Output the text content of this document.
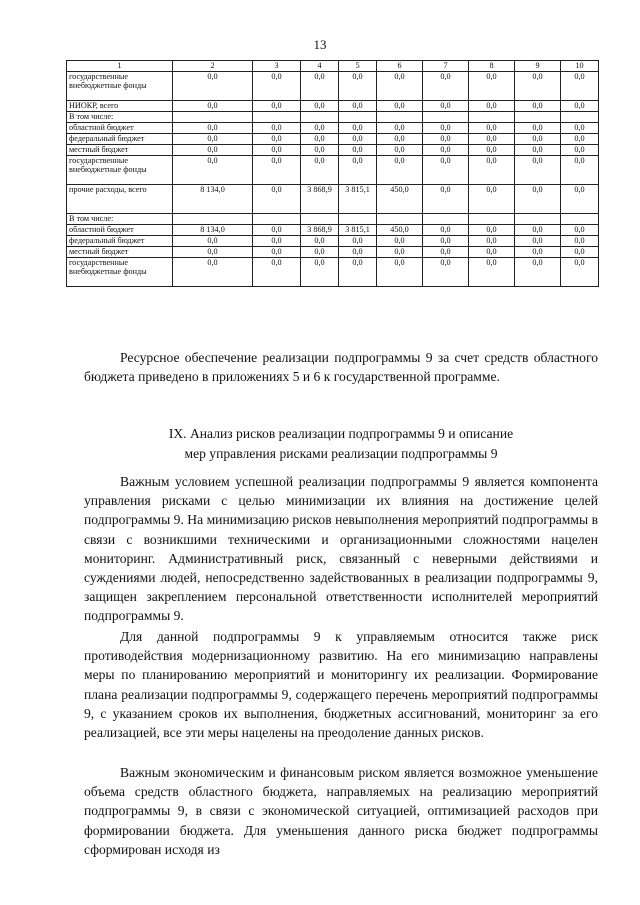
13
1	2	3	4	5	6	7	8	9	10
государственные внебюджетные фонды	0,0	0,0	0,0	0,0	0,0	0,0	0,0	0,0	0,0
НИОКР, всего	0,0	0,0	0,0	0,0	0,0	0,0	0,0	0,0	0,0
В том числе:									
областной бюджет	0,0	0,0	0,0	0,0	0,0	0,0	0,0	0,0	0,0
федеральный бюджет	0,0	0,0	0,0	0,0	0,0	0,0	0,0	0,0	0,0
местный бюджет	0,0	0,0	0,0	0,0	0,0	0,0	0,0	0,0	0,0
государственные внебюджетные фонды	0,0	0,0	0,0	0,0	0,0	0,0	0,0	0,0	0,0
прочие расходы, всего	8 134,0	0,0	3 868,9	3 815,1	450,0	0,0	0,0	0,0	0,0
В том числе:									
областной бюджет	8 134,0	0,0	3 868,9	3 815,1	450,0	0,0	0,0	0,0	0,0
федеральный бюджет	0,0	0,0	0,0	0,0	0,0	0,0	0,0	0,0	0,0
местный бюджет	0,0	0,0	0,0	0,0	0,0	0,0	0,0	0,0	0,0
государственные внебюджетные фонды	0,0	0,0	0,0	0,0	0,0	0,0	0,0	0,0	0,0
Ресурсное обеспечение реализации подпрограммы 9 за счет средств областного бюджета приведено в приложениях 5 и 6 к государственной программе.
IX. Анализ рисков реализации подпрограммы 9 и описание
мер управления рисками реализации подпрограммы 9
Важным условием успешной реализации подпрограммы 9 является компонента управления рисками с целью минимизации их влияния на достижение целей подпрограммы 9. На минимизацию рисков невыполнения мероприятий подпрограммы в связи с возникшими техническими и организационными сложностями нацелен мониторинг. Административный риск, связанный с неверными действиями и суждениями людей, непосредственно задействованных в реализации подпрограммы 9, защищен закреплением персональной ответственности исполнителей мероприятий подпрограммы 9.
Для данной подпрограммы 9 к управляемым относится также риск противодействия модернизационному развитию. На его минимизацию направлены меры по планированию мероприятий и мониторингу их реализации. Формирование плана реализации подпрограммы 9, содержащего перечень мероприятий подпрограммы 9, с указанием сроков их выполнения, бюджетных ассигнований, мониторинг за его реализацией, все эти меры нацелены на преодоление данных рисков.
Важным экономическим и финансовым риском является возможное уменьшение объема средств областного бюджета, направляемых на реализацию мероприятий подпрограммы 9, в связи с экономической ситуацией, оптимизацией расходов при формировании бюджета. Для уменьшения данного риска бюджет подпрограммы сформирован исходя из
